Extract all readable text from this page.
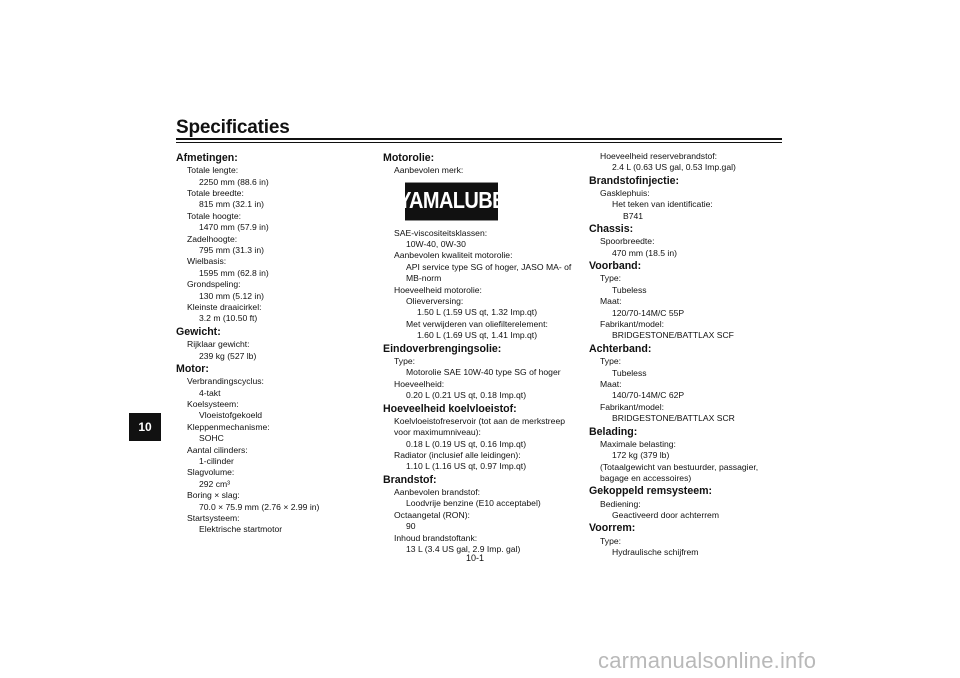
Specificaties
10
Afmetingen:
Totale lengte:
2250 mm (88.6 in)
Totale breedte:
815 mm (32.1 in)
Totale hoogte:
1470 mm (57.9 in)
Zadelhoogte:
795 mm (31.3 in)
Wielbasis:
1595 mm (62.8 in)
Grondspeling:
130 mm (5.12 in)
Kleinste draaicirkel:
3.2 m (10.50 ft)
Gewicht:
Rijklaar gewicht:
239 kg (527 lb)
Motor:
Verbrandingscyclus:
4-takt
Koelsysteem:
Vloeistofgekoeld
Kleppenmechanisme:
SOHC
Aantal cilinders:
1-cilinder
Slagvolume:
292 cm³
Boring × slag:
70.0 × 75.9 mm (2.76 × 2.99 in)
Startsysteem:
Elektrische startmotor
Motorolie:
Aanbevolen merk:
YAMALUBE
SAE-viscositeitsklassen:
10W-40, 0W-30
Aanbevolen kwaliteit motorolie:
API service type SG of hoger, JASO MA- of
MB-norm
Hoeveelheid motorolie:
Olieverversing:
1.50 L (1.59 US qt, 1.32 Imp.qt)
Met verwijderen van oliefilterelement:
1.60 L (1.69 US qt, 1.41 Imp.qt)
Eindoverbrengingsolie:
Type:
Motorolie SAE 10W-40 type SG of hoger
Hoeveelheid:
0.20 L (0.21 US qt, 0.18 Imp.qt)
Hoeveelheid koelvloeistof:
Koelvloeistofreservoir (tot aan de merkstreep
voor maximumniveau):
0.18 L (0.19 US qt, 0.16 Imp.qt)
Radiator (inclusief alle leidingen):
1.10 L (1.16 US qt, 0.97 Imp.qt)
Brandstof:
Aanbevolen brandstof:
Loodvrije benzine (E10 acceptabel)
Octaangetal (RON):
90
Inhoud brandstoftank:
13 L (3.4 US gal, 2.9 Imp. gal)
Hoeveelheid reservebrandstof:
2.4 L (0.63 US gal, 0.53 Imp.gal)
Brandstofinjectie:
Gasklephuis:
Het teken van identificatie:
B741
Chassis:
Spoorbreedte:
470 mm (18.5 in)
Voorband:
Type:
Tubeless
Maat:
120/70-14M/C 55P
Fabrikant/model:
BRIDGESTONE/BATTLAX SCF
Achterband:
Type:
Tubeless
Maat:
140/70-14M/C 62P
Fabrikant/model:
BRIDGESTONE/BATTLAX SCR
Belading:
Maximale belasting:
172 kg (379 lb)
(Totaalgewicht van bestuurder, passagier,
bagage en accessoires)
Gekoppeld remsysteem:
Bediening:
Geactiveerd door achterrem
Voorrem:
Type:
Hydraulische schijfrem
10-1
carmanualsonline.info
